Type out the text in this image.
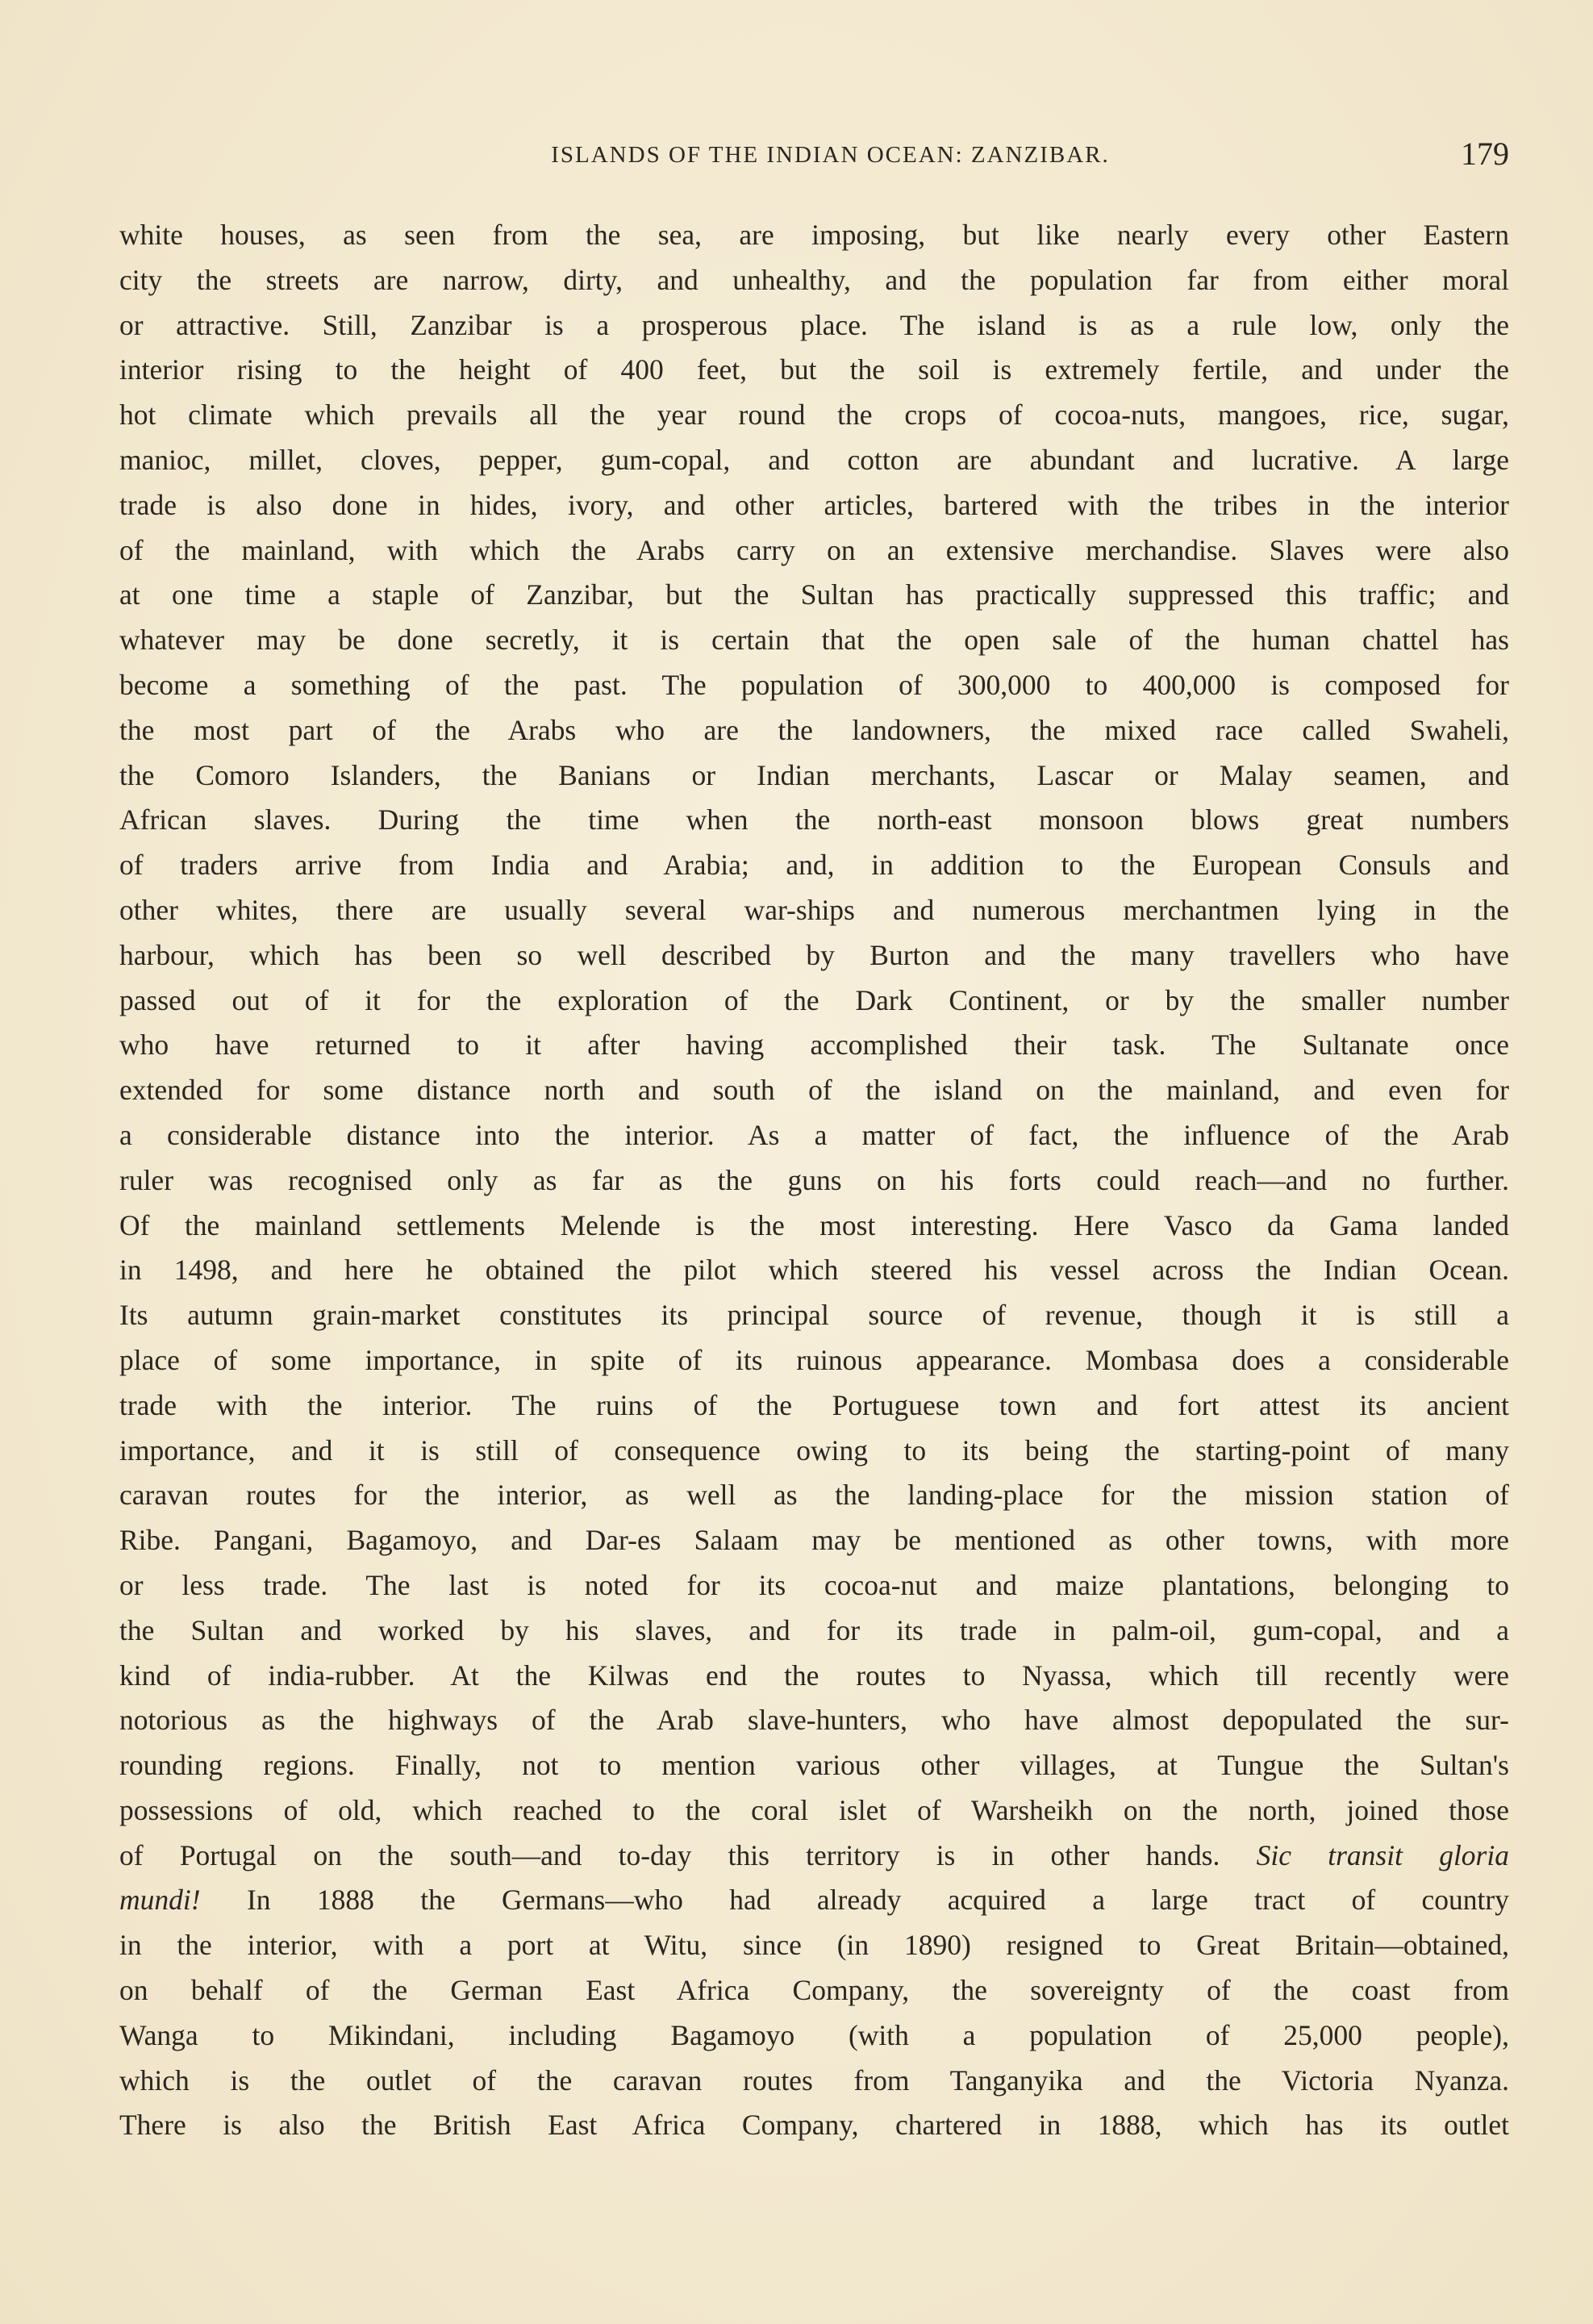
ISLANDS OF THE INDIAN OCEAN: ZANZIBAR.	179
white houses, as seen from the sea, are imposing, but like nearly every other Eastern
city the streets are narrow, dirty, and unhealthy, and the population far from either moral
or attractive. Still, Zanzibar is a prosperous place. The island is as a rule low, only the
interior rising to the height of 400 feet, but the soil is extremely fertile, and under the
hot climate which prevails all the year round the crops of cocoa-nuts, mangoes, rice, sugar,
manioc, millet, cloves, pepper, gum-copal, and cotton are abundant and lucrative. A large
trade is also done in hides, ivory, and other articles, bartered with the tribes in the interior
of the mainland, with which the Arabs carry on an extensive merchandise. Slaves were also
at one time a staple of Zanzibar, but the Sultan has practically suppressed this traffic; and
whatever may be done secretly, it is certain that the open sale of the human chattel has
become a something of the past. The population of 300,000 to 400,000 is composed for
the most part of the Arabs who are the landowners, the mixed race called Swaheli,
the Comoro Islanders, the Banians or Indian merchants, Lascar or Malay seamen, and
African slaves. During the time when the north-east monsoon blows great numbers
of traders arrive from India and Arabia; and, in addition to the European Consuls and
other whites, there are usually several war-ships and numerous merchantmen lying in the
harbour, which has been so well described by Burton and the many travellers who have
passed out of it for the exploration of the Dark Continent, or by the smaller number
who have returned to it after having accomplished their task. The Sultanate once
extended for some distance north and south of the island on the mainland, and even for
a considerable distance into the interior. As a matter of fact, the influence of the Arab
ruler was recognised only as far as the guns on his forts could reach—and no further.
Of the mainland settlements Melende is the most interesting. Here Vasco da Gama landed
in 1498, and here he obtained the pilot which steered his vessel across the Indian Ocean.
Its autumn grain-market constitutes its principal source of revenue, though it is still a
place of some importance, in spite of its ruinous appearance. Mombasa does a considerable
trade with the interior. The ruins of the Portuguese town and fort attest its ancient
importance, and it is still of consequence owing to its being the starting-point of many
caravan routes for the interior, as well as the landing-place for the mission station of
Ribe. Pangani, Bagamoyo, and Dar-es Salaam may be mentioned as other towns, with more
or less trade. The last is noted for its cocoa-nut and maize plantations, belonging to
the Sultan and worked by his slaves, and for its trade in palm-oil, gum-copal, and a
kind of india-rubber. At the Kilwas end the routes to Nyassa, which till recently were
notorious as the highways of the Arab slave-hunters, who have almost depopulated the sur-
rounding regions. Finally, not to mention various other villages, at Tungue the Sultan's
possessions of old, which reached to the coral islet of Warsheikh on the north, joined those
of Portugal on the south—and to-day this territory is in other hands. Sic transit gloria
mundi! In 1888 the Germans—who had already acquired a large tract of country
in the interior, with a port at Witu, since (in 1890) resigned to Great Britain—obtained,
on behalf of the German East Africa Company, the sovereignty of the coast from
Wanga to Mikindani, including Bagamoyo (with a population of 25,000 people),
which is the outlet of the caravan routes from Tanganyika and the Victoria Nyanza.
There is also the British East Africa Company, chartered in 1888, which has its outlet
